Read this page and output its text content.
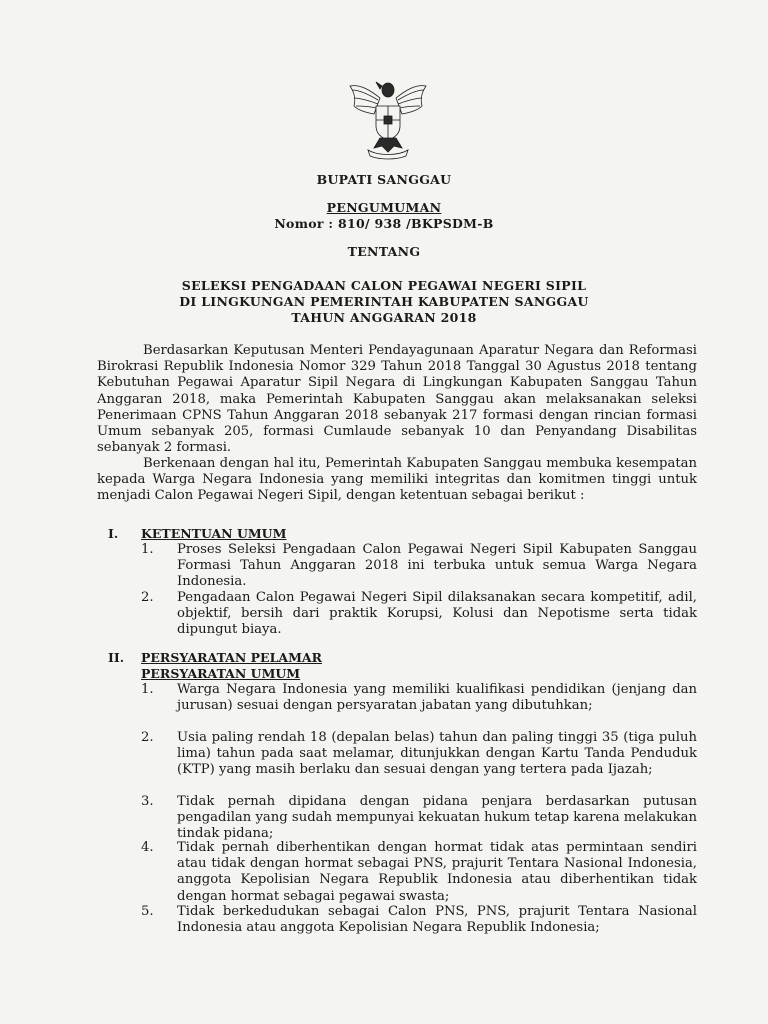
BUPATI SANGGAU
PENGUMUMAN
Nomor : 810/ 938 /BKPSDM-B
TENTANG
SELEKSI PENGADAAN CALON PEGAWAI NEGERI SIPIL
DI LINGKUNGAN PEMERINTAH KABUPATEN SANGGAU
TAHUN ANGGARAN 2018

Berdasarkan Keputusan Menteri Pendayagunaan Aparatur Negara dan Reformasi Birokrasi Republik Indonesia Nomor 329 Tahun 2018 Tanggal 30 Agustus 2018 tentang Kebutuhan Pegawai Aparatur Sipil Negara di Lingkungan Kabupaten Sanggau Tahun Anggaran 2018, maka Pemerintah Kabupaten Sanggau akan melaksanakan seleksi Penerimaan CPNS Tahun Anggaran 2018 sebanyak 217 formasi dengan rincian formasi Umum sebanyak 205, formasi Cumlaude sebanyak 10 dan Penyandang Disabilitas sebanyak 2 formasi.

Berkenaan dengan hal itu, Pemerintah Kabupaten Sanggau membuka kesempatan kepada Warga Negara Indonesia yang memiliki integritas dan komitmen tinggi untuk menjadi Calon Pegawai Negeri Sipil, dengan ketentuan sebagai berikut :

I. KETENTUAN UMUM
1.	Proses Seleksi Pengadaan Calon Pegawai Negeri Sipil Kabupaten Sanggau Formasi Tahun Anggaran 2018 ini terbuka untuk semua Warga Negara Indonesia.
2.	Pengadaan Calon Pegawai Negeri Sipil dilaksanakan secara kompetitif, adil, objektif, bersih dari praktik Korupsi, Kolusi dan Nepotisme serta tidak dipungut biaya.
II. PERSYARATAN PELAMAR
PERSYARATAN UMUM
1.	Warga Negara Indonesia yang memiliki kualifikasi pendidikan (jenjang dan jurusan) sesuai dengan persyaratan jabatan yang dibutuhkan;
2.	Usia paling rendah 18 (depalan belas) tahun dan paling tinggi 35 (tiga puluh lima) tahun pada saat melamar, ditunjukkan dengan Kartu Tanda Penduduk (KTP) yang masih berlaku dan sesuai dengan yang tertera pada Ijazah;
3.	Tidak pernah dipidana dengan pidana penjara berdasarkan putusan pengadilan yang sudah mempunyai kekuatan hukum tetap karena melakukan tindak pidana;
4.	Tidak pernah diberhentikan dengan hormat tidak atas permintaan sendiri atau tidak dengan hormat sebagai PNS, prajurit Tentara Nasional Indonesia, anggota Kepolisian Negara Republik Indonesia atau diberhentikan tidak dengan hormat sebagai pegawai swasta;
5.	Tidak berkedudukan sebagai Calon PNS, PNS, prajurit Tentara Nasional Indonesia atau anggota Kepolisian Negara Republik Indonesia;
